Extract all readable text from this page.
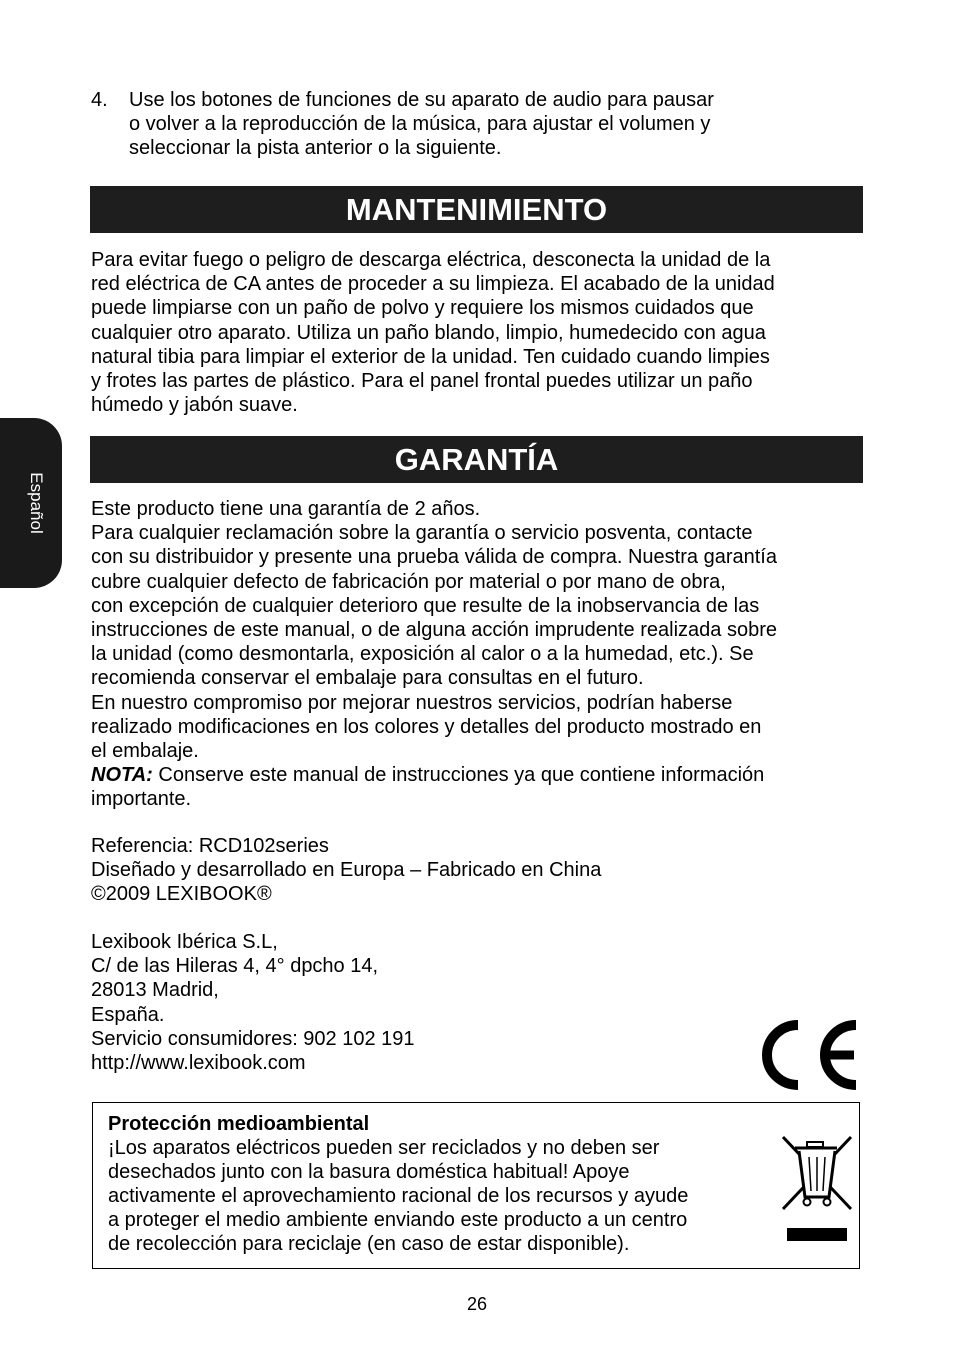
Español
4. Use los botones de funciones de su aparato de audio para pausar
o volver a la reproducción de la música, para ajustar el volumen y
seleccionar la pista anterior o la siguiente.
MANTENIMIENTO

Para evitar fuego o peligro de descarga eléctrica, desconecta la unidad de la

red eléctrica de CA antes de proceder a su limpieza. El acabado de la unidad

puede limpiarse con un paño de polvo y requiere los mismos cuidados que

cualquier otro aparato. Utiliza un paño blando, limpio, humedecido con agua

natural tibia para limpiar el exterior de la unidad. Ten cuidado cuando limpies

y frotes las partes de plástico. Para el panel frontal puedes utilizar un paño

húmedo y jabón suave.

GARANTÍA

Este producto tiene una garantía de 2 años.

Para cualquier reclamación sobre la garantía o servicio posventa, contacte

con su distribuidor y presente una prueba válida de compra. Nuestra garantía

cubre cualquier defecto de fabricación por material o por mano de obra,

con excepción de cualquier deterioro que resulte de la inobservancia de las

instrucciones de este manual, o de alguna acción imprudente realizada sobre

la unidad (como desmontarla, exposición al calor o a la humedad, etc.). Se

recomienda conservar el embalaje para consultas en el futuro.

En nuestro compromiso por mejorar nuestros servicios, podrían haberse

realizado modificaciones en los colores y detalles del producto mostrado en

el embalaje.

NOTA: Conserve este manual de instrucciones ya que contiene información

importante.

Referencia: RCD102series
Diseñado y desarrollado en Europa – Fabricado en China
©2009 LEXIBOOK®
Lexibook Ibérica S.L,
C/ de las Hileras 4, 4° dpcho 14,
28013 Madrid,
España.
Servicio consumidores: 902 102 191
http://www.lexibook.com
Protección medioambiental
¡Los aparatos eléctricos pueden ser reciclados y no deben ser
desechados junto con la basura doméstica habitual! Apoye
activamente el aprovechamiento racional de los recursos y ayude
a proteger el medio ambiente enviando este producto a un centro
de recolección para reciclaje (en caso de estar disponible).
26
